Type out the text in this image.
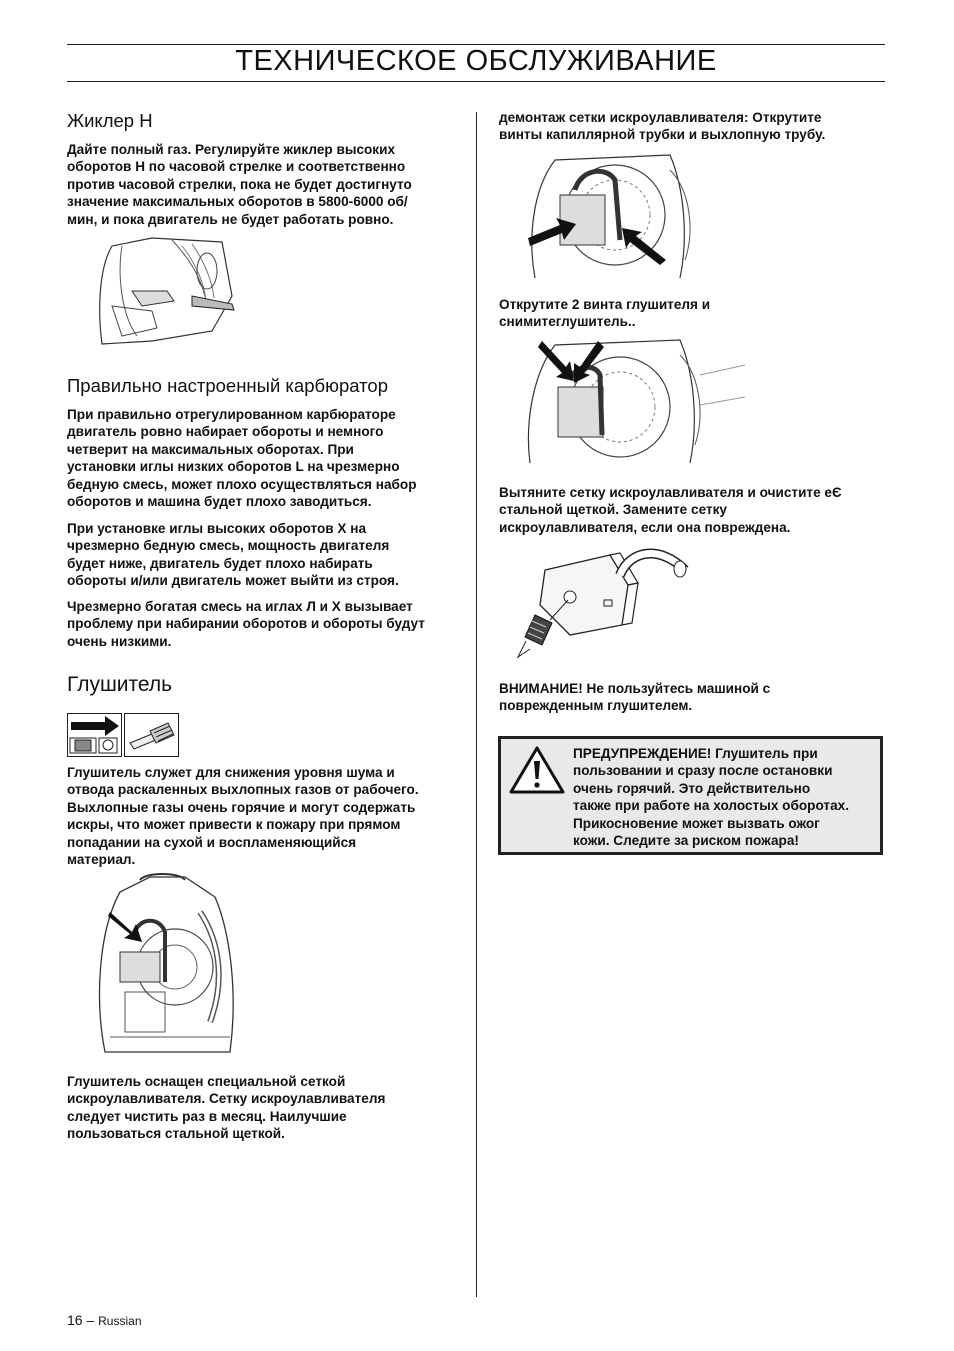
ТЕХНИЧЕСКОЕ ОБСЛУЖИВАНИЕ
Жиклер H

Дайте полный газ. Регулируйте жиклер высоких
оборотов H по часовой стрелке и соответственно
против часовой стрелки, пока не будет достигнуто
значение максимальных оборотов в 5800-6000 об/
мин, и пока двигатель не будет работать ровно.

Правильно настроенный карбюратор

При правильно отрегулированном карбюраторе
двигатель ровно набирает обороты и немного
четверит на максимальных оборотах. При
установки иглы низких оборотов L на чрезмерно
бедную смесь, может плохо осуществляться набор
оборотов и машина будет плохо заводиться.

При установке иглы высоких оборотов X на
чрезмерно бедную смесь, мощность двигателя
будет ниже, двигатель будет плохо набирать
обороты и/или двигатель может выйти из строя.

Чрезмерно богатая смесь на иглах Л и X вызывает
проблему при набирании оборотов и обороты будут
очень низкими.

Глушитель

Глушитель служет для снижения уровня шума и
отвода раскаленных выхлопных газов от рабочего.
Выхлопные газы очень горячие и могут содержать
искры, что может привести к пожару при прямом
попадании на сухой и воспламеняющийся
материал.

Глушитель оснащен специальной сеткой
искроулавливателя. Сетку искроулавливателя
следует чистить раз в месяц. Наилучшие
пользоваться стальной щеткой.

демонтаж сетки искроулавливателя: Открутите
винты капиллярной трубки и выхлопную трубу.

Открутите 2 винта глушителя и
снимитеглушитель..

Вытяните сетку искроулавливателя и очистите еЄ
стальной щеткой. Замените сетку
искроулавливателя, если она повреждена.

ВНИМАНИЕ! Не пользуйтесь машиной с
поврежденным глушителем.

ПРЕДУПРЕЖДЕНИЕ! Глушитель при
пользовании и сразу после остановки
очень горячий. Это действительно
также при работе на холостых оборотах.
Прикосновение может вызвать ожог
кожи. Следите за риском пожара!
16 – Russian
